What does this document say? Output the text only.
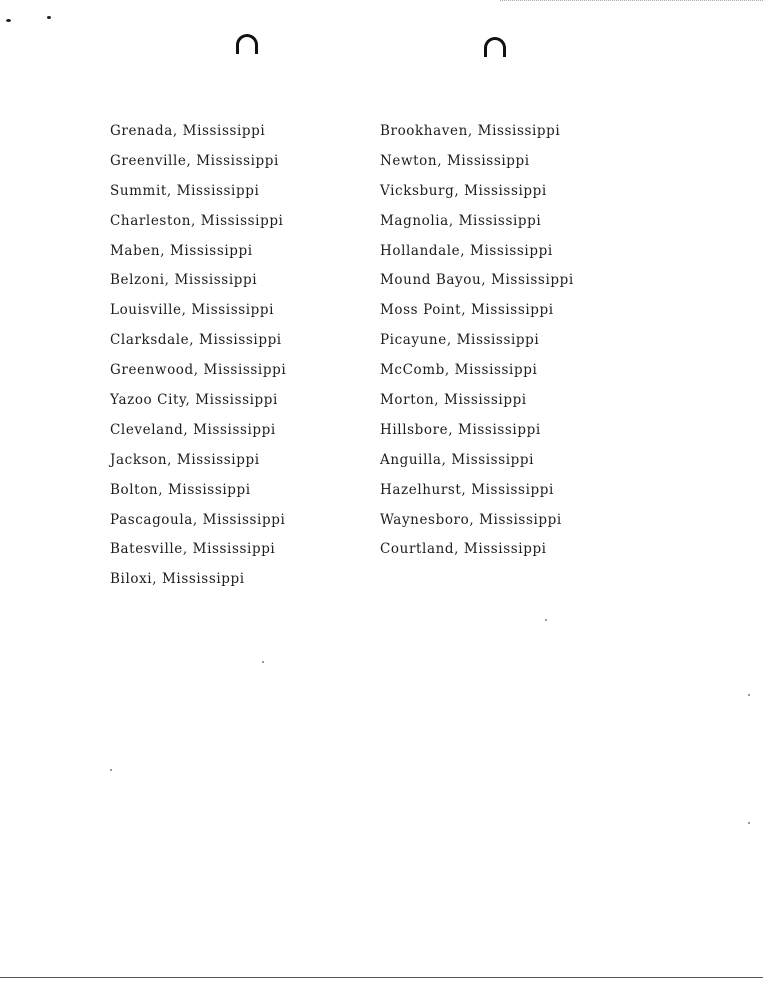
Grenada, Mississippi
Greenville, Mississippi
Summit, Mississippi
Charleston, Mississippi
Maben, Mississippi
Belzoni, Mississippi
Louisville, Mississippi
Clarksdale, Mississippi
Greenwood, Mississippi
Yazoo City, Mississippi
Cleveland, Mississippi
Jackson, Mississippi
Bolton, Mississippi
Pascagoula, Mississippi
Batesville, Mississippi
Biloxi, Mississippi
Brookhaven, Mississippi
Newton, Mississippi
Vicksburg, Mississippi
Magnolia, Mississippi
Hollandale, Mississippi
Mound Bayou, Mississippi
Moss Point, Mississippi
Picayune, Mississippi
McComb, Mississippi
Morton, Mississippi
Hillsbore, Mississippi
Anguilla, Mississippi
Hazelhurst, Mississippi
Waynesboro, Mississippi
Courtland, Mississippi
